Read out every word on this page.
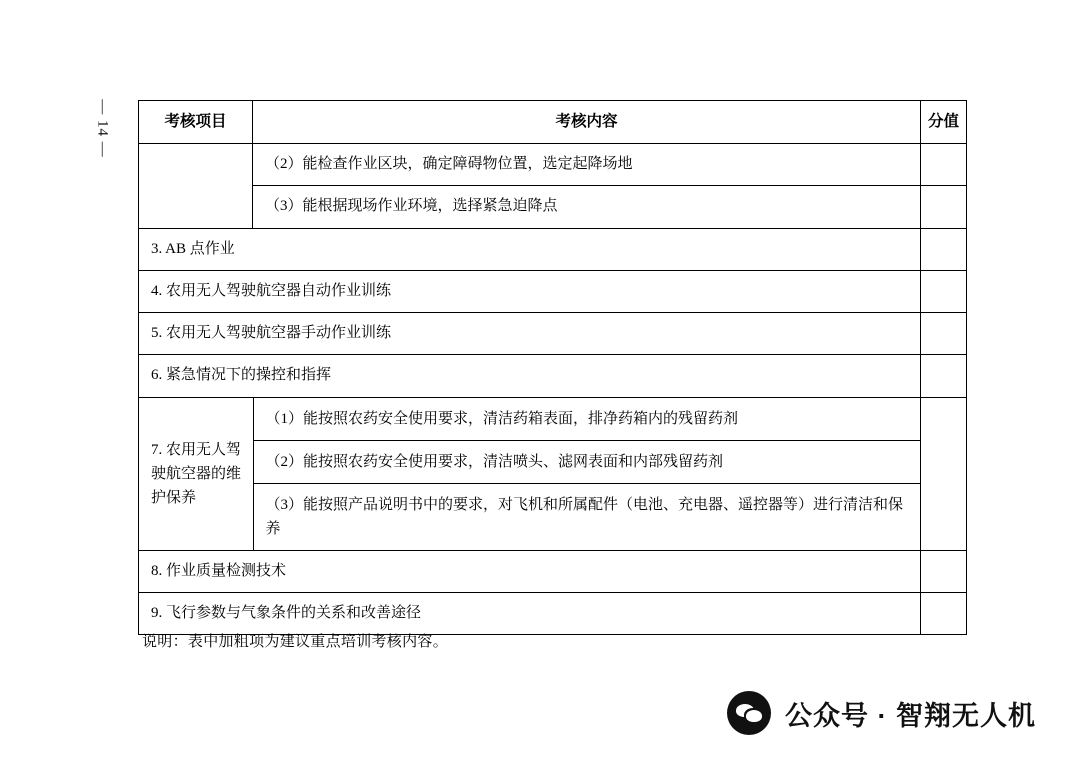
— 14 —	考核项目	考核内容	分值
	（2）能检查作业区块，确定障碍物位置，选定起降场地	
（3）能根据现场作业环境，选择紧急迫降点	
3. AB 点作业	
4. 农用无人驾驶航空器自动作业训练	
5. 农用无人驾驶航空器手动作业训练	
6. 紧急情况下的操控和指挥	

7. 农用无人驾驶航空器的维护保养	（1）能按照农药安全使用要求，清洁药箱表面，排净药箱内的残留药剂
（2）能按照农药安全使用要求，清洁喷头、滤网表面和内部残留药剂
（3）能按照产品说明书中的要求，对飞机和所属配件（电池、充电器、遥控器等）进行清洁和保养

8. 作业质量检测技术	
9. 飞行参数与气象条件的关系和改善途径	
说明：表中加粗项为建议重点培训考核内容。
公众号 · 智翔无人机
